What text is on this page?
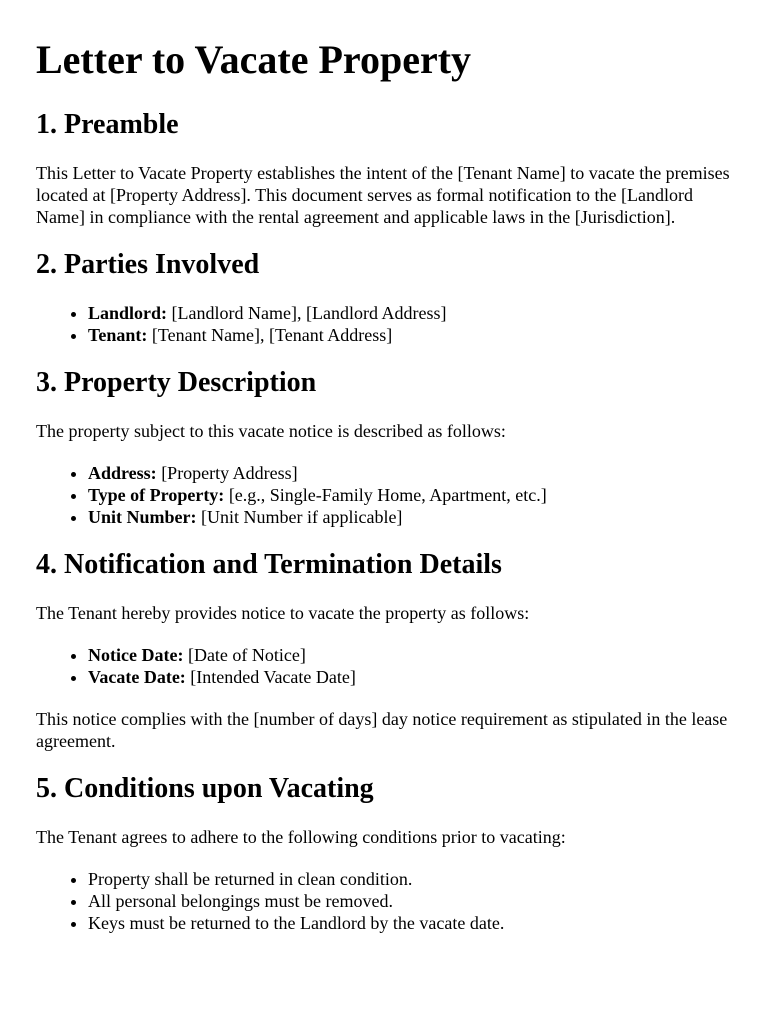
Letter to Vacate Property
1. Preamble

This Letter to Vacate Property establishes the intent of the [Tenant Name] to vacate the premises located at [Property Address]. This document serves as formal notification to the [Landlord Name] in compliance with the rental agreement and applicable laws in the [Jurisdiction].

2. Parties Involved
• Landlord: [Landlord Name], [Landlord Address]
• Tenant: [Tenant Name], [Tenant Address]
3. Property Description

The property subject to this vacate notice is described as follows:

• Address: [Property Address]
• Type of Property: [e.g., Single-Family Home, Apartment, etc.]
• Unit Number: [Unit Number if applicable]
4. Notification and Termination Details

The Tenant hereby provides notice to vacate the property as follows:

• Notice Date: [Date of Notice]
• Vacate Date: [Intended Vacate Date]

This notice complies with the [number of days] day notice requirement as stipulated in the lease agreement.

5. Conditions upon Vacating

The Tenant agrees to adhere to the following conditions prior to vacating:

• Property shall be returned in clean condition.
• All personal belongings must be removed.
• Keys must be returned to the Landlord by the vacate date.
